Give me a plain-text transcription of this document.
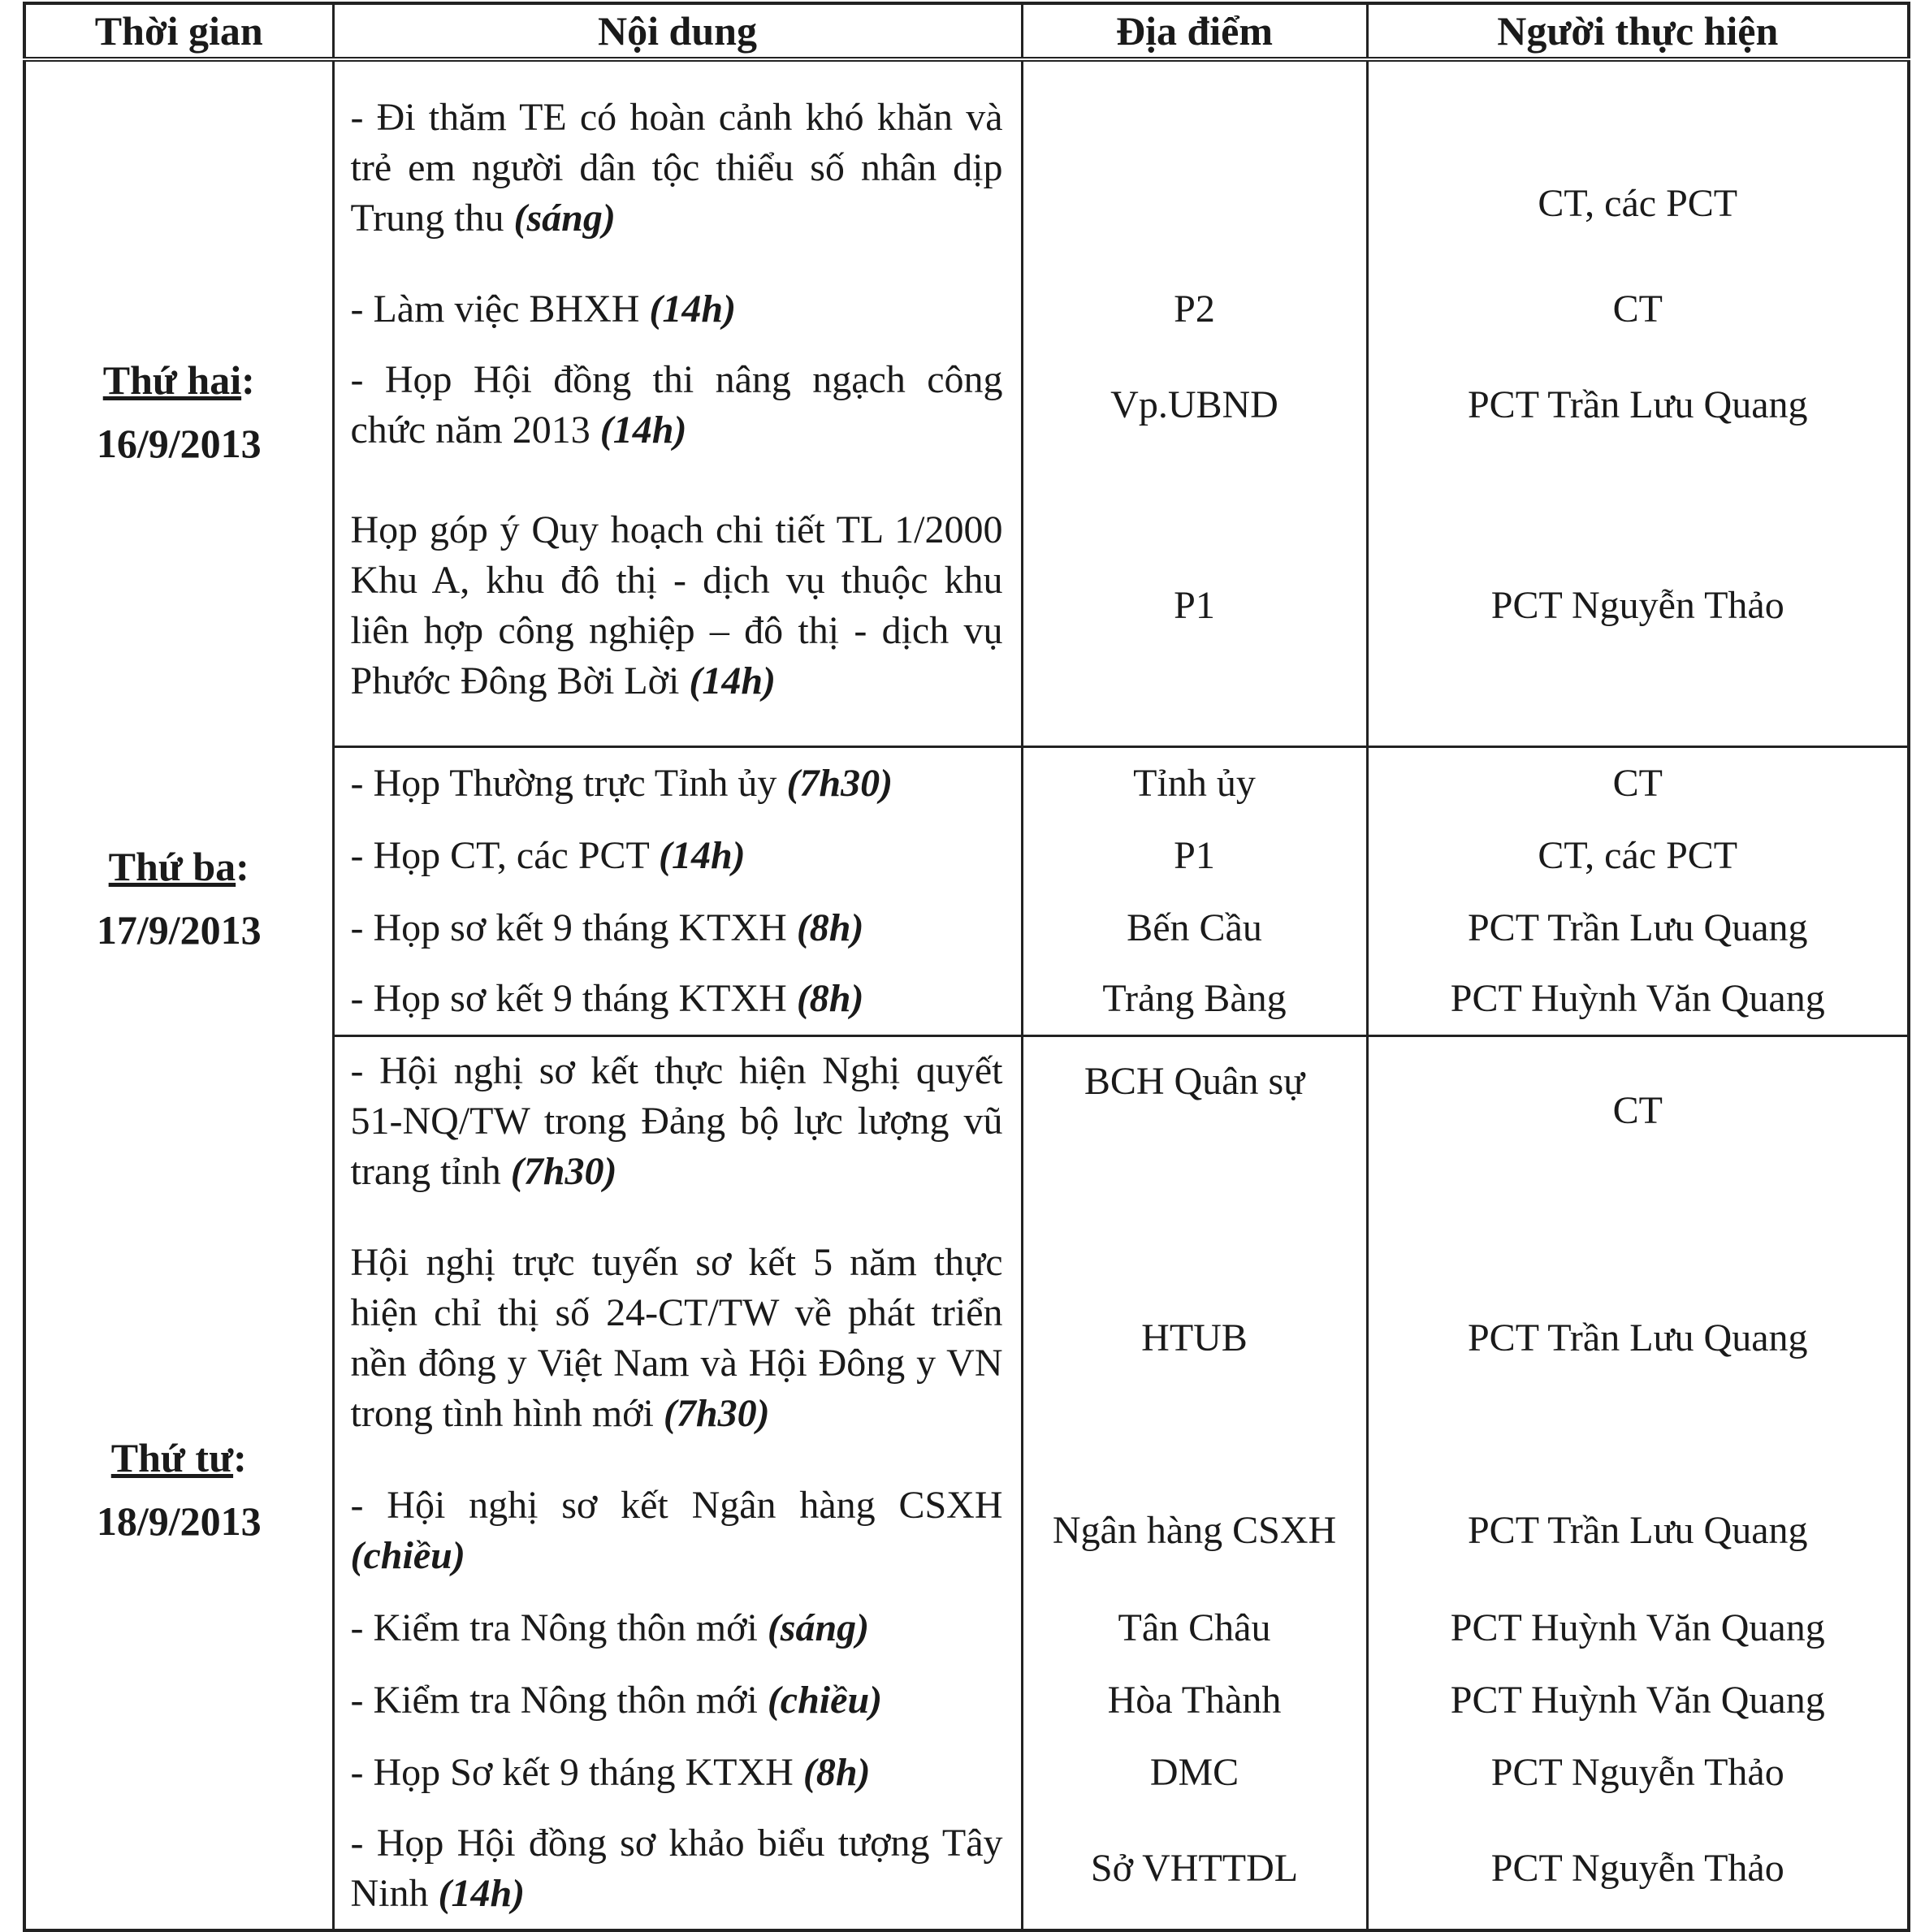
Thời gian	Nội dung	Địa điểm	Người thực hiện
Thứ hai:
16/9/2013	- Đi thăm TE có hoàn cảnh khó khăn và trẻ em người dân tộc thiểu số nhân dịp Trung thu (sáng)		CT, các PCT
	- Làm việc BHXH (14h)	P2	CT
	- Họp Hội đồng thi nâng ngạch công chức năm 2013 (14h)	Vp.UBND	PCT Trần Lưu Quang
	Họp góp ý Quy hoạch chi tiết TL 1/2000 Khu A, khu đô thị - dịch vụ thuộc khu liên hợp công nghiệp – đô thị - dịch vụ Phước Đông Bời Lời (14h)	P1	PCT Nguyễn Thảo
Thứ ba:
17/9/2013	- Họp Thường trực Tỉnh ủy (7h30)	Tỉnh ủy	CT
	- Họp CT, các PCT (14h)	P1	CT, các PCT
	- Họp sơ kết 9 tháng KTXH (8h)	Bến Cầu	PCT Trần Lưu Quang
	- Họp sơ kết 9 tháng KTXH (8h)	Trảng Bàng	PCT Huỳnh Văn Quang
Thứ tư:
18/9/2013	- Hội nghị sơ kết thực hiện Nghị quyết 51-NQ/TW trong Đảng bộ lực lượng vũ trang tỉnh (7h30)	BCH Quân sự	CT
	Hội nghị trực tuyến sơ kết 5 năm thực hiện chỉ thị số 24-CT/TW về phát triển nền đông y Việt Nam và Hội Đông y VN trong tình hình mới (7h30)	HTUB	PCT Trần Lưu Quang
	- Hội nghị sơ kết Ngân hàng CSXH (chiều)	Ngân hàng CSXH	PCT Trần Lưu Quang
	- Kiểm tra Nông thôn mới (sáng)	Tân Châu	PCT Huỳnh Văn Quang
	- Kiểm tra Nông thôn mới (chiều)	Hòa Thành	PCT Huỳnh Văn Quang
	- Họp Sơ kết 9 tháng KTXH (8h)	DMC	PCT Nguyễn Thảo
	- Họp Hội đồng sơ khảo biểu tượng Tây Ninh (14h)	Sở VHTTDL	PCT Nguyễn Thảo
